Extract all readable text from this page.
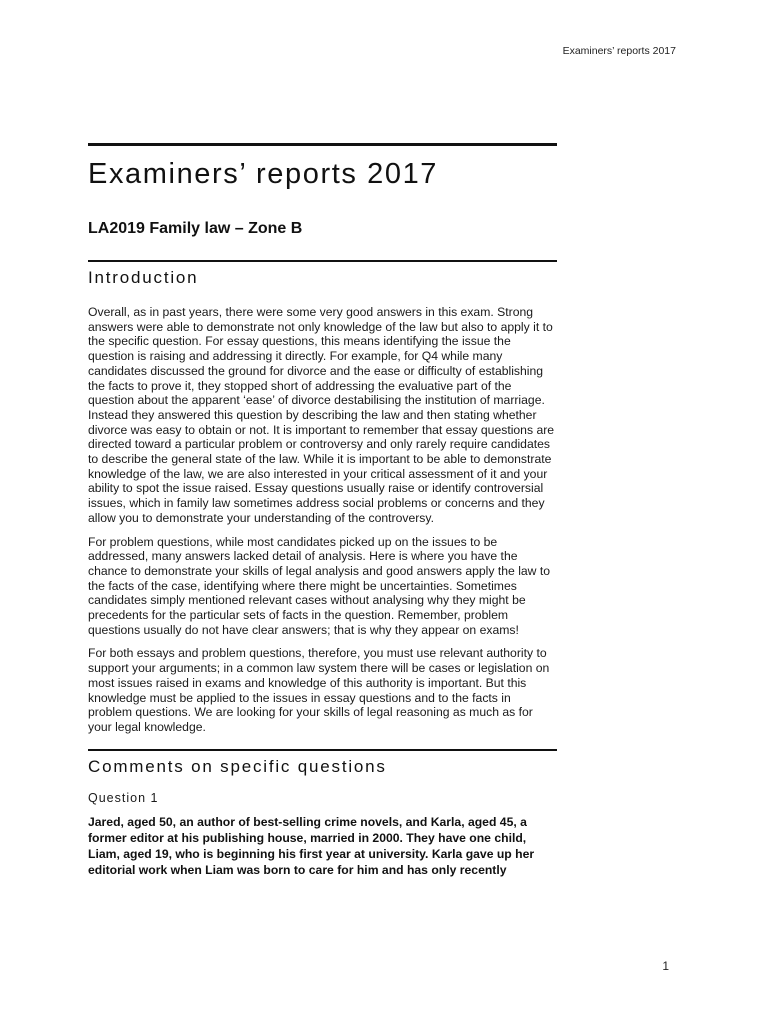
Examiners’ reports 2017
Examiners’ reports 2017
LA2019 Family law – Zone B
Introduction

Overall, as in past years, there were some very good answers in this exam. Strong answers were able to demonstrate not only knowledge of the law but also to apply it to the specific question. For essay questions, this means identifying the issue the question is raising and addressing it directly. For example, for Q4 while many candidates discussed the ground for divorce and the ease or difficulty of establishing the facts to prove it, they stopped short of addressing the evaluative part of the question about the apparent ‘ease’ of divorce destabilising the institution of marriage. Instead they answered this question by describing the law and then stating whether divorce was easy to obtain or not. It is important to remember that essay questions are directed toward a particular problem or controversy and only rarely require candidates to describe the general state of the law. While it is important to be able to demonstrate knowledge of the law, we are also interested in your critical assessment of it and your ability to spot the issue raised. Essay questions usually raise or identify controversial issues, which in family law sometimes address social problems or concerns and they allow you to demonstrate your understanding of the controversy.

For problem questions, while most candidates picked up on the issues to be addressed, many answers lacked detail of analysis. Here is where you have the chance to demonstrate your skills of legal analysis and good answers apply the law to the facts of the case, identifying where there might be uncertainties. Sometimes candidates simply mentioned relevant cases without analysing why they might be precedents for the particular sets of facts in the question. Remember, problem questions usually do not have clear answers; that is why they appear on exams!

For both essays and problem questions, therefore, you must use relevant authority to support your arguments; in a common law system there will be cases or legislation on most issues raised in exams and knowledge of this authority is important. But this knowledge must be applied to the issues in essay questions and to the facts in problem questions. We are looking for your skills of legal reasoning as much as for your legal knowledge.

Comments on specific questions
Question 1

Jared, aged 50, an author of best-selling crime novels, and Karla, aged 45, a former editor at his publishing house, married in 2000. They have one child, Liam, aged 19, who is beginning his first year at university. Karla gave up her editorial work when Liam was born to care for him and has only recently

1
